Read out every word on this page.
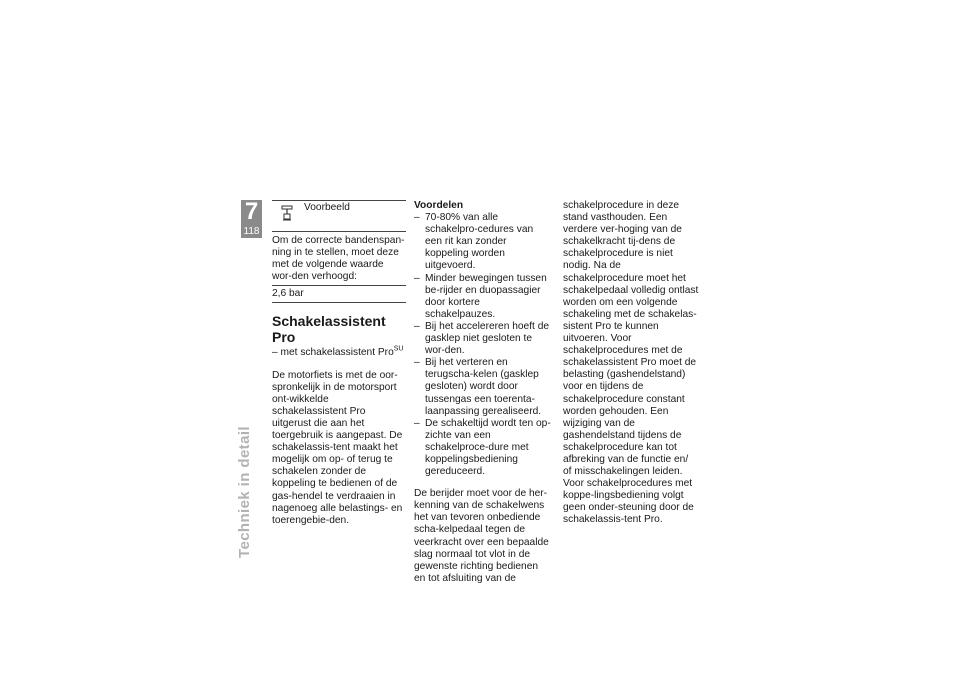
7
118
Techniek in detail
Voorbeeld
Om de correcte bandenspan-ning in te stellen, moet deze met de volgende waarde wor-den verhoogd:
2,6 bar
Schakelassistent Pro

– met schakelassistent Pro$^{SU}$

De motorfiets is met de oor-spronkelijk in de motorsport ont-wikkelde schakelassistent Pro uitgerust die aan het toergebruik is aangepast. De schakelassis-tent maakt het mogelijk om op- of terug te schakelen zonder de koppeling te bedienen of de gas-hendel te verdraaien in nagenoeg alle belastings- en toerengebie-den.

Voordelen

– 70-80% van alle schakelpro-cedures van een rit kan zonder koppeling worden uitgevoerd.
– Minder bewegingen tussen be-rijder en duopassagier door kortere schakelpauzes.
– Bij het accelereren hoeft de gasklep niet gesloten te wor-den.
– Bij het verteren en terugscha-kelen (gasklep gesloten) wordt door tussengas een toerenta-laanpassing gerealiseerd.
– De schakeltijd wordt ten op-zichte van een schakelproce-dure met koppelingsbediening gereduceerd.

De berijder moet voor de her-kenning van de schakelwens het van tevoren onbediende scha-kelpedaal tegen de veerkracht over een bepaalde slag normaal tot vlot in de gewenste richting bedienen en tot afsluiting van de

schakelprocedure in deze stand vasthouden. Een verdere ver-hoging van de schakelkracht tij-dens de schakelprocedure is niet nodig. Na de schakelprocedure moet het schakelpedaal volledig ontlast worden om een volgende schakeling met de schakelas-sistent Pro te kunnen uitvoeren. Voor schakelprocedures met de schakelassistent Pro moet de belasting (gashendelstand) voor en tijdens de schakelprocedure constant worden gehouden. Een wijziging van de gashendelstand tijdens de schakelprocedure kan tot afbreking van de functie en/ of misschakelingen leiden. Voor schakelprocedures met koppe-lingsbediening volgt geen onder-steuning door de schakelassis-tent Pro.
